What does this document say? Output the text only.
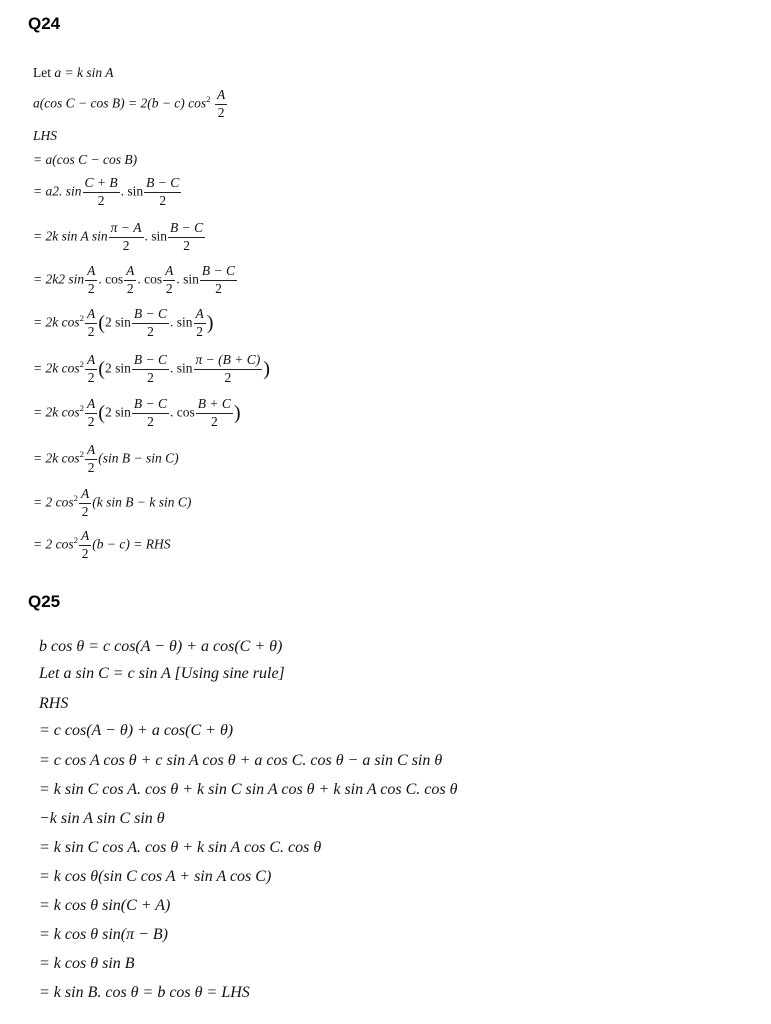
Q24
Let a = k sin A
a(cos C − cos B) = 2(b − c) $\cos^2 \frac{A}{2}$
LHS
= a(cos C − cos B)
= a2. $\sin \frac{C + B}{2}$ . $\sin \frac{B - C}{2}$
= 2k sin A $\sin \frac{\pi - A}{2}$ . $\sin \frac{B - C}{2}$
= 2k2 $\sin \frac{A}{2}$ . $\cos \frac{A}{2}$ . $\cos \frac{A}{2}$ . $\sin \frac{B - C}{2}$
= 2k $\cos^2 \frac{A}{2} (2$ $\sin \frac{B - C}{2}$ . $\sin \frac{A}{2}$ )
= 2k $\cos^2 \frac{A}{2} (2$ $\sin \frac{B - C}{2}$ . $\sin \frac{\pi - (B + C)}{2}$ )
= 2k $\cos^2 \frac{A}{2} (2$ $\sin \frac{B - C}{2}$ . $\cos \frac{B + C}{2}$ )
= 2k $\cos^2 \frac{A}{2} (\sin$ B − sin C)
= 2 $\cos^2 \frac{A}{2} (k$ sin B − k sin C)
= 2 $\cos^2 \frac{A}{2} (b - c)$ = RHS
Q25
b cos θ = c cos(A − θ) + a cos(C + θ)
Let a sin C = c sin A [Using sine rule]
RHS
= c cos(A − θ) + a cos(C + θ)
= c cos A cos θ + c sin A cos θ + a cos C. cos θ − a sin C sin θ
= k sin C cos A. cos θ + k sin C sin A cos θ + k sin A cos C. cos θ
−k sin A sin C sin θ
= k sin C cos A. cos θ + k sin A cos C. cos θ
= k cos θ(sin C cos A + sin A cos C)
= k cos θ sin(C + A)
= k cos θ sin(π − B)
= k cos θ sin B
= k sin B. cos θ = b cos θ = LHS
